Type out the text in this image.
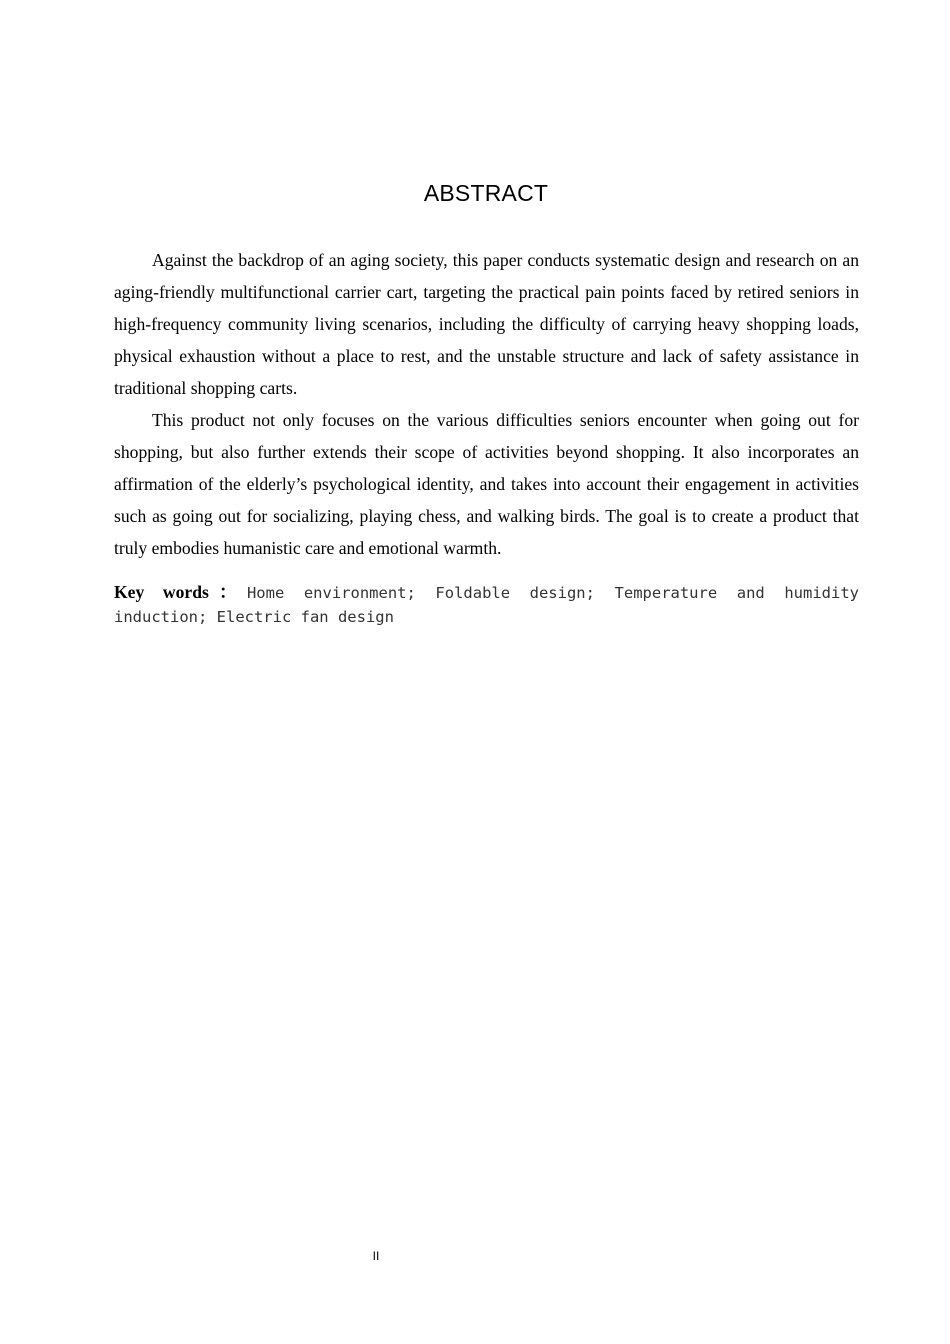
ABSTRACT

Against the backdrop of an aging society, this paper conducts systematic design and research on an aging-friendly multifunctional carrier cart, targeting the practical pain points faced by retired seniors in high-frequency community living scenarios, including the difficulty of carrying heavy shopping loads, physical exhaustion without a place to rest, and the unstable structure and lack of safety assistance in traditional shopping carts.

This product not only focuses on the various difficulties seniors encounter when going out for shopping, but also further extends their scope of activities beyond shopping. It also incorporates an affirmation of the elderly’s psychological identity, and takes into account their engagement in activities such as going out for socializing, playing chess, and walking birds. The goal is to create a product that truly embodies humanistic care and emotional warmth.

Key words：Home environment; Foldable design; Temperature and humidity induction; Electric fan design
II
